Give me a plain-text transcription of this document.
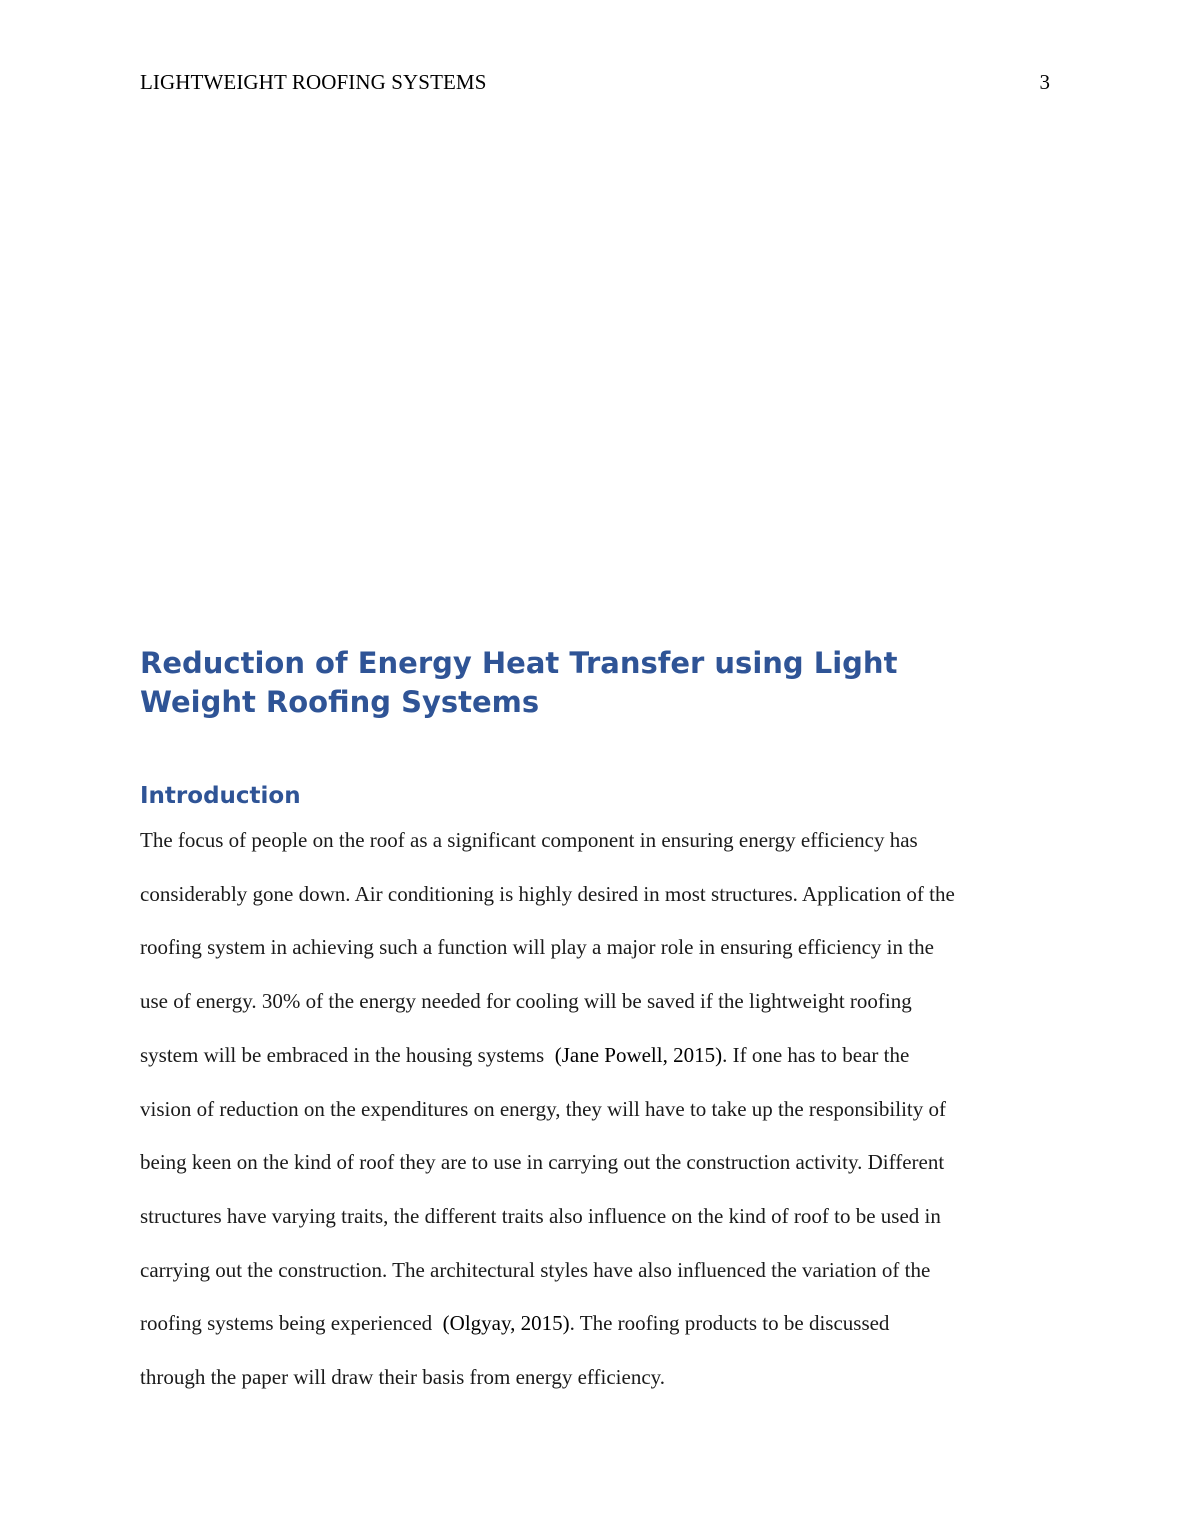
LIGHTWEIGHT ROOFING SYSTEMS	3
Reduction of Energy Heat Transfer using Light
Weight Roofing Systems
Introduction
The focus of people on the roof as a significant component in ensuring energy efficiency has
considerably gone down. Air conditioning is highly desired in most structures. Application of the
roofing system in achieving such a function will play a major role in ensuring efficiency in the
use of energy. 30% of the energy needed for cooling will be saved if the lightweight roofing
system will be embraced in the housing systems  (Jane Powell, 2015). If one has to bear the
vision of reduction on the expenditures on energy, they will have to take up the responsibility of
being keen on the kind of roof they are to use in carrying out the construction activity. Different
structures have varying traits, the different traits also influence on the kind of roof to be used in
carrying out the construction. The architectural styles have also influenced the variation of the
roofing systems being experienced  (Olgyay, 2015). The roofing products to be discussed
through the paper will draw their basis from energy efficiency.
